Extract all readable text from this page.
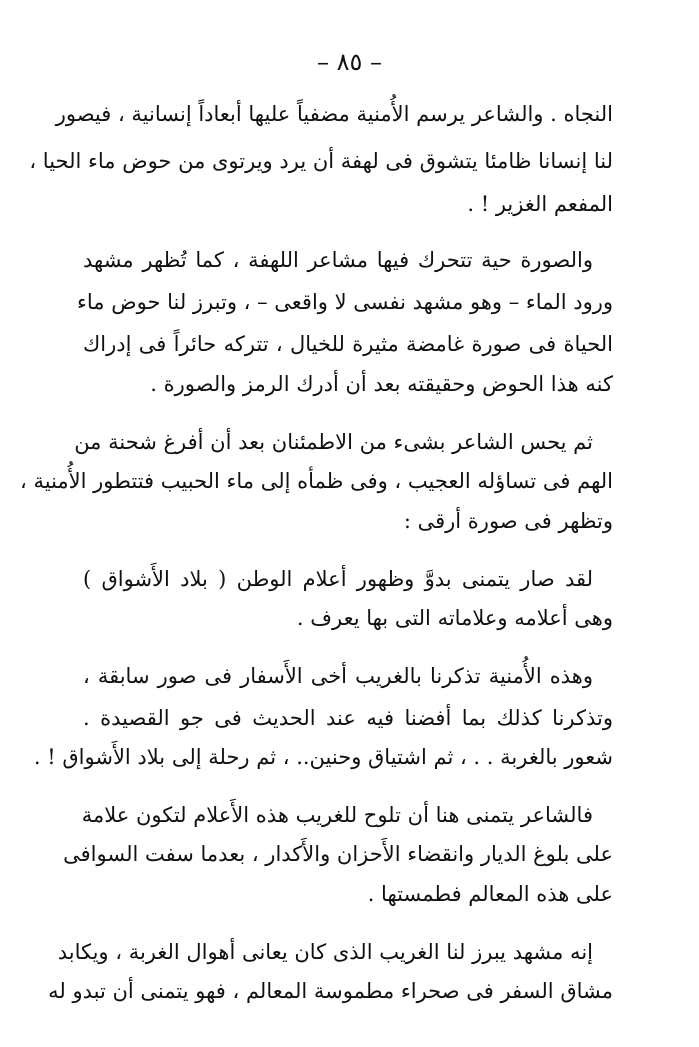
– ٨٥ –
النجاه . والشاعر يرسم الأُمنية مضفياً عليها أبعاداً إنسانية ، فيصور
لنا إنسانا ظامئا يتشوق فى لهفة أن يرد ويرتوى من حوض ماء الحيا ،
المفعم الغزير ! .
والصورة حية تتحرك فيها مشاعر اللهفة ، كما تُظهر مشهد
ورود الماء – وهو مشهد نفسى لا واقعى – ، وتبرز لنا حوض ماء
الحياة فى صورة غامضة مثيرة للخيال ، تتركه حائراً فى إدراك
كنه هذا الحوض وحقيقته بعد أن أدرك الرمز والصورة .
ثم يحس الشاعر بشىء من الاطمئنان بعد أن أفرغ شحنة من
الهم فى تساؤله العجيب ، وفى ظمأه إلى ماء الحبيب فتتطور الأُمنية ،
وتظهر فى صورة أرقى :
لقد صار يتمنى بدوَّ وظهور أعلام الوطن ( بلاد الأَشواق )
وهى أعلامه وعلاماته التى بها يعرف .
وهذه الأُمنية تذكرنا بالغريب أخى الأَسفار فى صور سابقة ،
وتذكرنا كذلك بما أفضنا فيه عند الحديث فى جو القصيدة .
شعور بالغربة . . ، ثم اشتياق وحنين.. ، ثم رحلة إلى بلاد الأَشواق ! .
فالشاعر يتمنى هنا أن تلوح للغريب هذه الأَعلام لتكون علامة
على بلوغ الديار وانقضاء الأَحزان والأَكدار ، بعدما سفت السوافى
على هذه المعالم فطمستها .
إنه مشهد يبرز لنا الغريب الذى كان يعانى أهوال الغربة ، ويكابد
مشاق السفر فى صحراء مطموسة المعالم ، فهو يتمنى أن تبدو له
